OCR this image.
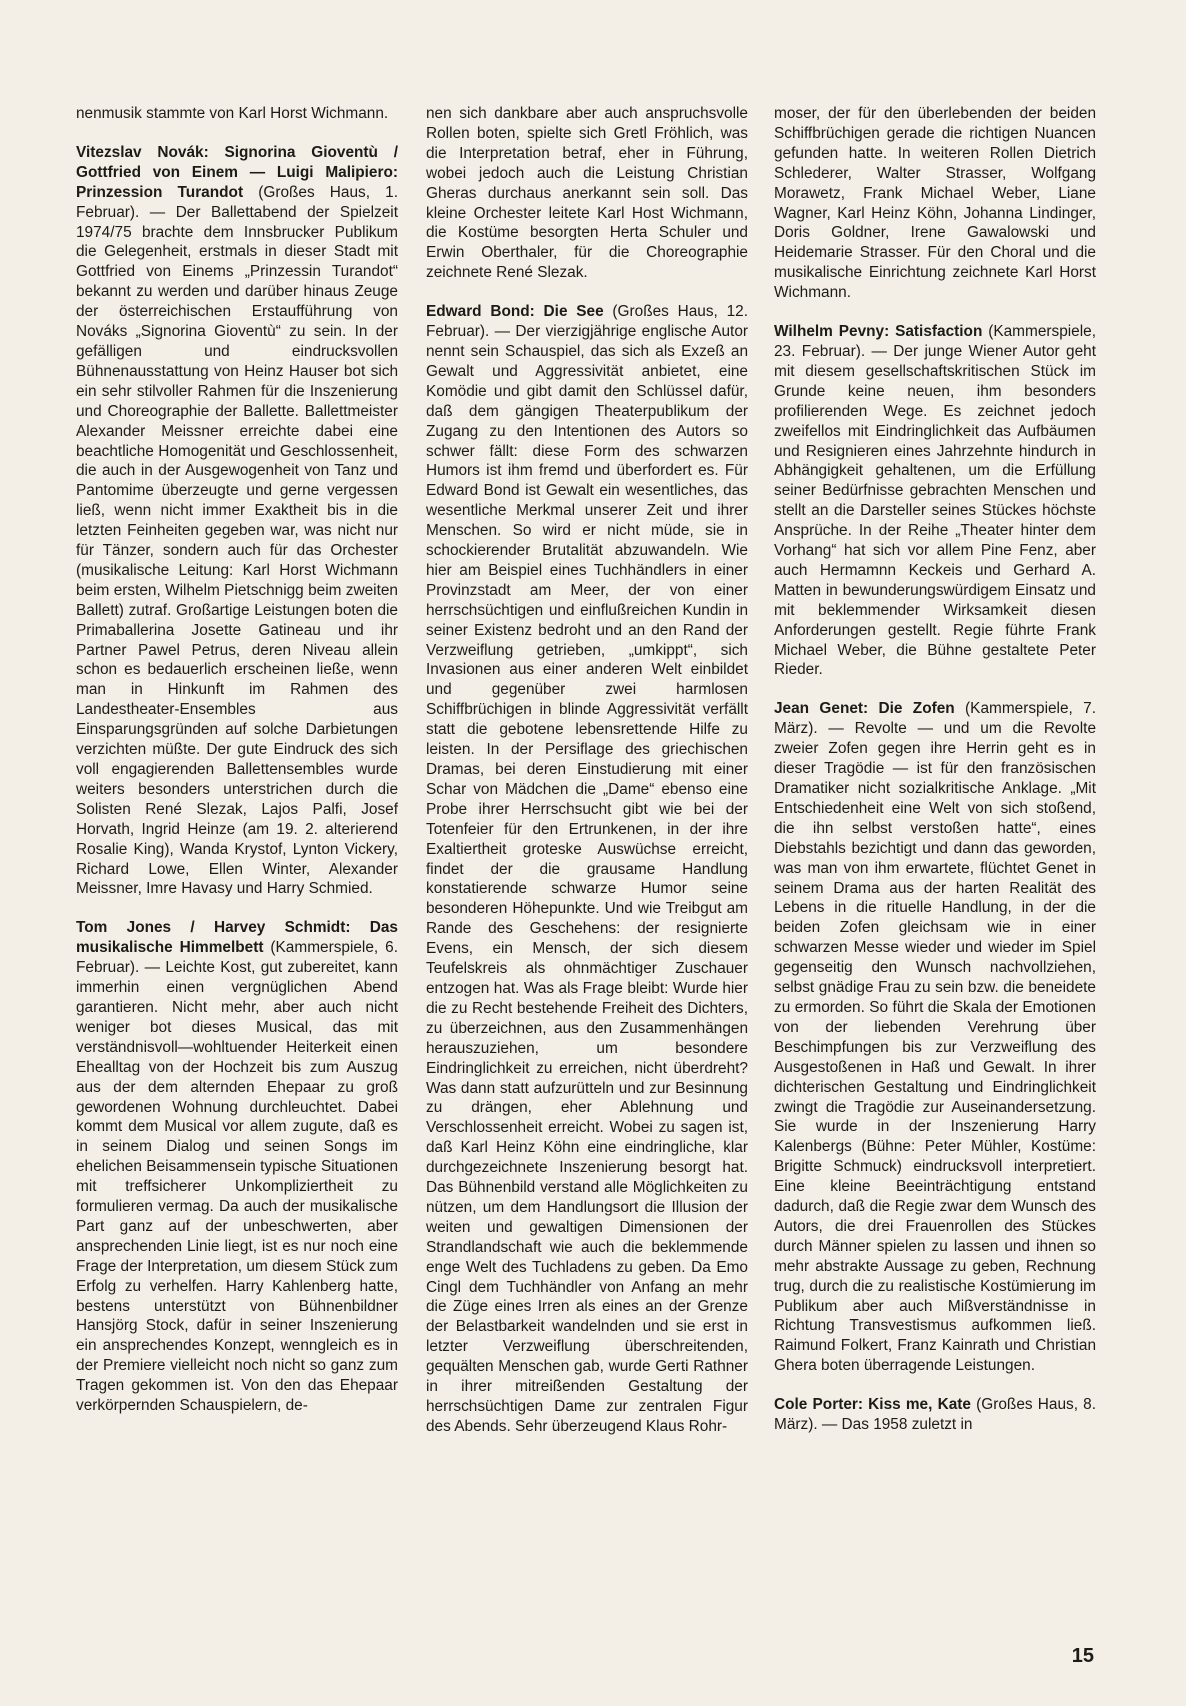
nenmusik stammte von Karl Horst Wichmann.

Vitezslav Novák: Signorina Gioventù / Gottfried von Einem — Luigi Malipiero: Prinzession Turandot (Großes Haus, 1. Februar). — Der Ballettabend der Spielzeit 1974/75 brachte dem Innsbrucker Publikum die Gelegenheit, erstmals in dieser Stadt mit Gottfried von Einems „Prinzessin Turandot“ bekannt zu werden und darüber hinaus Zeuge der österreichischen Erstaufführung von Nováks „Signorina Gioventù“ zu sein. In der gefälligen und eindrucksvollen Bühnenausstattung von Heinz Hauser bot sich ein sehr stilvoller Rahmen für die Inszenierung und Choreographie der Ballette. Ballettmeister Alexander Meissner erreichte dabei eine beachtliche Homogenität und Geschlossenheit, die auch in der Ausgewogenheit von Tanz und Pantomime überzeugte und gerne vergessen ließ, wenn nicht immer Exaktheit bis in die letzten Feinheiten gegeben war, was nicht nur für Tänzer, sondern auch für das Orchester (musikalische Leitung: Karl Horst Wichmann beim ersten, Wilhelm Pietschnigg beim zweiten Ballett) zutraf. Großartige Leistungen boten die Primaballerina Josette Gatineau und ihr Partner Pawel Petrus, deren Niveau allein schon es bedauerlich erscheinen ließe, wenn man in Hinkunft im Rahmen des Landestheater-Ensembles aus Einsparungsgründen auf solche Darbietungen verzichten müßte. Der gute Eindruck des sich voll engagierenden Ballettensembles wurde weiters besonders unterstrichen durch die Solisten René Slezak, Lajos Palfi, Josef Horvath, Ingrid Heinze (am 19. 2. alterierend Rosalie King), Wanda Krystof, Lynton Vickery, Richard Lowe, Ellen Winter, Alexander Meissner, Imre Havasy und Harry Schmied.

Tom Jones / Harvey Schmidt: Das musikalische Himmelbett (Kammerspiele, 6. Februar). — Leichte Kost, gut zubereitet, kann immerhin einen vergnüglichen Abend garantieren. Nicht mehr, aber auch nicht weniger bot dieses Musical, das mit verständnisvoll—wohltuender Heiterkeit einen Ehealltag von der Hochzeit bis zum Auszug aus der dem alternden Ehepaar zu groß gewordenen Wohnung durchleuchtet. Dabei kommt dem Musical vor allem zugute, daß es in seinem Dialog und seinen Songs im ehelichen Beisammensein typische Situationen mit treffsicherer Unkompliziertheit zu formulieren vermag. Da auch der musikalische Part ganz auf der unbeschwerten, aber ansprechenden Linie liegt, ist es nur noch eine Frage der Interpretation, um diesem Stück zum Erfolg zu verhelfen. Harry Kahlenberg hatte, bestens unterstützt von Bühnenbildner Hansjörg Stock, dafür in seiner Inszenierung ein ansprechendes Konzept, wenngleich es in der Premiere vielleicht noch nicht so ganz zum Tragen gekommen ist. Von den das Ehepaar verkörpernden Schauspielern, de-

nen sich dankbare aber auch anspruchsvolle Rollen boten, spielte sich Gretl Fröhlich, was die Interpretation betraf, eher in Führung, wobei jedoch auch die Leistung Christian Gheras durchaus anerkannt sein soll. Das kleine Orchester leitete Karl Host Wichmann, die Kostüme besorgten Herta Schuler und Erwin Oberthaler, für die Choreographie zeichnete René Slezak.

Edward Bond: Die See (Großes Haus, 12. Februar). — Der vierzigjährige englische Autor nennt sein Schauspiel, das sich als Exzeß an Gewalt und Aggressivität anbietet, eine Komödie und gibt damit den Schlüssel dafür, daß dem gängigen Theaterpublikum der Zugang zu den Intentionen des Autors so schwer fällt: diese Form des schwarzen Humors ist ihm fremd und überfordert es. Für Edward Bond ist Gewalt ein wesentliches, das wesentliche Merkmal unserer Zeit und ihrer Menschen. So wird er nicht müde, sie in schockierender Brutalität abzuwandeln. Wie hier am Beispiel eines Tuchhändlers in einer Provinzstadt am Meer, der von einer herrschsüchtigen und einflußreichen Kundin in seiner Existenz bedroht und an den Rand der Verzweiflung getrieben, „umkippt“, sich Invasionen aus einer anderen Welt einbildet und gegenüber zwei harmlosen Schiffbrüchigen in blinde Aggressivität verfällt statt die gebotene lebensrettende Hilfe zu leisten. In der Persiflage des griechischen Dramas, bei deren Einstudierung mit einer Schar von Mädchen die „Dame“ ebenso eine Probe ihrer Herrschsucht gibt wie bei der Totenfeier für den Ertrunkenen, in der ihre Exaltiertheit groteske Auswüchse erreicht, findet der die grausame Handlung konstatierende schwarze Humor seine besonderen Höhepunkte. Und wie Treibgut am Rande des Geschehens: der resignierte Evens, ein Mensch, der sich diesem Teufelskreis als ohnmächtiger Zuschauer entzogen hat. Was als Frage bleibt: Wurde hier die zu Recht bestehende Freiheit des Dichters, zu überzeichnen, aus den Zusammenhängen herauszuziehen, um besondere Eindringlichkeit zu erreichen, nicht überdreht? Was dann statt aufzurütteln und zur Besinnung zu drängen, eher Ablehnung und Verschlossenheit erreicht. Wobei zu sagen ist, daß Karl Heinz Köhn eine eindringliche, klar durchgezeichnete Inszenierung besorgt hat. Das Bühnenbild verstand alle Möglichkeiten zu nützen, um dem Handlungsort die Illusion der weiten und gewaltigen Dimensionen der Strandlandschaft wie auch die beklemmende enge Welt des Tuchladens zu geben. Da Emo Cingl dem Tuchhändler von Anfang an mehr die Züge eines Irren als eines an der Grenze der Belastbarkeit wandelnden und sie erst in letzter Verzweiflung überschreitenden, gequälten Menschen gab, wurde Gerti Rathner in ihrer mitreißenden Gestaltung der herrschsüchtigen Dame zur zentralen Figur des Abends. Sehr überzeugend Klaus Rohr-

moser, der für den überlebenden der beiden Schiffbrüchigen gerade die richtigen Nuancen gefunden hatte. In weiteren Rollen Dietrich Schlederer, Walter Strasser, Wolfgang Morawetz, Frank Michael Weber, Liane Wagner, Karl Heinz Köhn, Johanna Lindinger, Doris Goldner, Irene Gawalowski und Heidemarie Strasser. Für den Choral und die musikalische Einrichtung zeichnete Karl Horst Wichmann.

Wilhelm Pevny: Satisfaction (Kammerspiele, 23. Februar). — Der junge Wiener Autor geht mit diesem gesellschaftskritischen Stück im Grunde keine neuen, ihm besonders profilierenden Wege. Es zeichnet jedoch zweifellos mit Eindringlichkeit das Aufbäumen und Resignieren eines Jahrzehnte hindurch in Abhängigkeit gehaltenen, um die Erfüllung seiner Bedürfnisse gebrachten Menschen und stellt an die Darsteller seines Stückes höchste Ansprüche. In der Reihe „Theater hinter dem Vorhang“ hat sich vor allem Pine Fenz, aber auch Hermamnn Keckeis und Gerhard A. Matten in bewunderungswürdigem Einsatz und mit beklemmender Wirksamkeit diesen Anforderungen gestellt. Regie führte Frank Michael Weber, die Bühne gestaltete Peter Rieder.

Jean Genet: Die Zofen (Kammerspiele, 7. März). — Revolte — und um die Revolte zweier Zofen gegen ihre Herrin geht es in dieser Tragödie — ist für den französischen Dramatiker nicht sozialkritische Anklage. „Mit Entschiedenheit eine Welt von sich stoßend, die ihn selbst verstoßen hatte“, eines Diebstahls bezichtigt und dann das geworden, was man von ihm erwartete, flüchtet Genet in seinem Drama aus der harten Realität des Lebens in die rituelle Handlung, in der die beiden Zofen gleichsam wie in einer schwarzen Messe wieder und wieder im Spiel gegenseitig den Wunsch nachvollziehen, selbst gnädige Frau zu sein bzw. die beneidete zu ermorden. So führt die Skala der Emotionen von der liebenden Verehrung über Beschimpfungen bis zur Verzweiflung des Ausgestoßenen in Haß und Gewalt. In ihrer dichterischen Gestaltung und Eindringlichkeit zwingt die Tragödie zur Auseinandersetzung. Sie wurde in der Inszenierung Harry Kalenbergs (Bühne: Peter Mühler, Kostüme: Brigitte Schmuck) eindrucksvoll interpretiert. Eine kleine Beeinträchtigung entstand dadurch, daß die Regie zwar dem Wunsch des Autors, die drei Frauenrollen des Stückes durch Männer spielen zu lassen und ihnen so mehr abstrakte Aussage zu geben, Rechnung trug, durch die zu realistische Kostümierung im Publikum aber auch Mißverständnisse in Richtung Transvestismus aufkommen ließ. Raimund Folkert, Franz Kainrath und Christian Ghera boten überragende Leistungen.

Cole Porter: Kiss me, Kate (Großes Haus, 8. März). — Das 1958 zuletzt in

15
